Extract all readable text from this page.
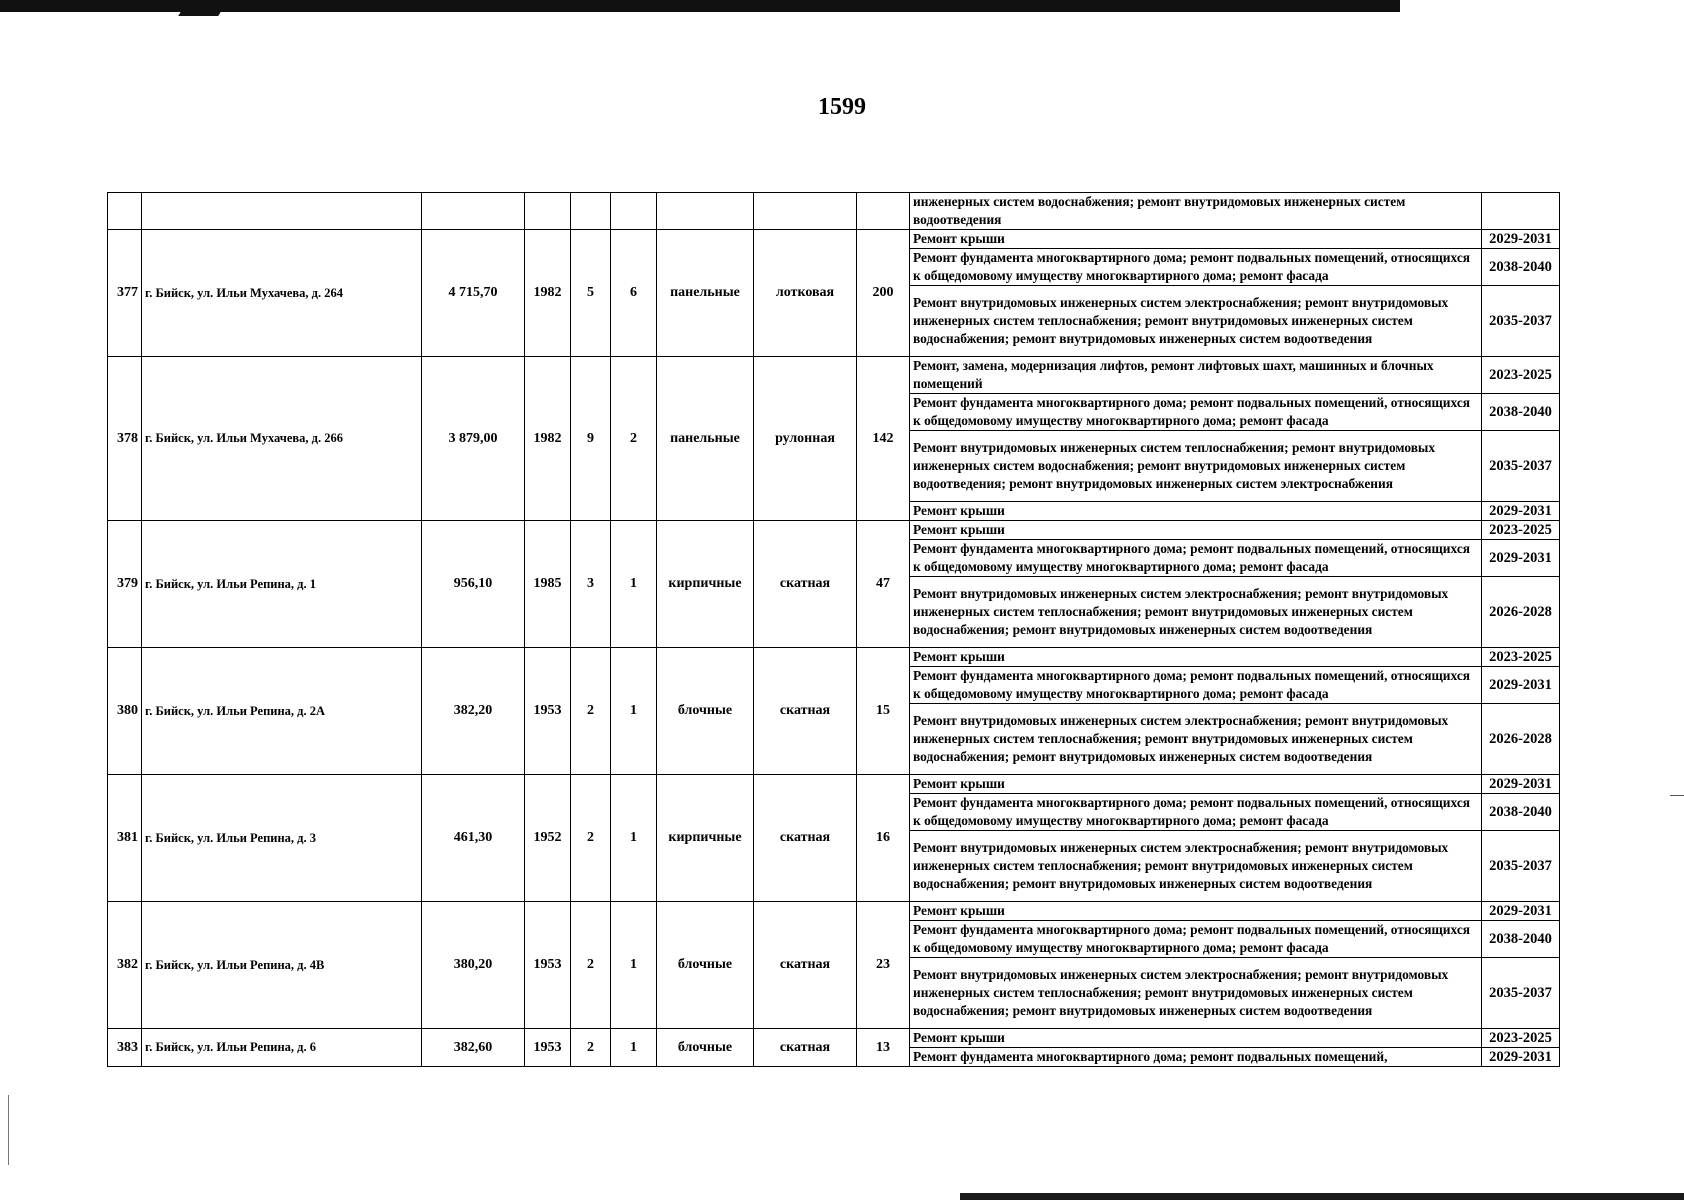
1599
									инженерных систем водоснабжения; ремонт внутридомовых инженерных систем водоотведения	
377	г. Бийск, ул. Ильи Мухачева, д. 264	4 715,70	1982	5	6	панельные	лотковая	200	Ремонт крыши	2029-2031
									Ремонт фундамента многоквартирного дома; ремонт подвальных помещений, относящихся к общедомовому имуществу многоквартирного дома; ремонт фасада	2038-2040
									Ремонт внутридомовых инженерных систем электроснабжения; ремонт внутридомовых инженерных систем теплоснабжения; ремонт внутридомовых инженерных систем водоснабжения; ремонт внутридомовых инженерных систем водоотведения	2035-2037
378	г. Бийск, ул. Ильи Мухачева, д. 266	3 879,00	1982	9	2	панельные	рулонная	142	Ремонт, замена, модернизация лифтов, ремонт лифтовых шахт, машинных и блочных помещений	2023-2025
									Ремонт фундамента многоквартирного дома; ремонт подвальных помещений, относящихся к общедомовому имуществу многоквартирного дома; ремонт фасада	2038-2040
									Ремонт внутридомовых инженерных систем теплоснабжения; ремонт внутридомовых инженерных систем водоснабжения; ремонт внутридомовых инженерных систем водоотведения; ремонт внутридомовых инженерных систем электроснабжения	2035-2037
									Ремонт крыши	2029-2031
379	г. Бийск, ул. Ильи Репина, д. 1	956,10	1985	3	1	кирпичные	скатная	47	Ремонт крыши	2023-2025
									Ремонт фундамента многоквартирного дома; ремонт подвальных помещений, относящихся к общедомовому имуществу многоквартирного дома; ремонт фасада	2029-2031
									Ремонт внутридомовых инженерных систем электроснабжения; ремонт внутридомовых инженерных систем теплоснабжения; ремонт внутридомовых инженерных систем водоснабжения; ремонт внутридомовых инженерных систем водоотведения	2026-2028
380	г. Бийск, ул. Ильи Репина, д. 2А	382,20	1953	2	1	блочные	скатная	15	Ремонт крыши	2023-2025
									Ремонт фундамента многоквартирного дома; ремонт подвальных помещений, относящихся к общедомовому имуществу многоквартирного дома; ремонт фасада	2029-2031
									Ремонт внутридомовых инженерных систем электроснабжения; ремонт внутридомовых инженерных систем теплоснабжения; ремонт внутридомовых инженерных систем водоснабжения; ремонт внутридомовых инженерных систем водоотведения	2026-2028
381	г. Бийск, ул. Ильи Репина, д. 3	461,30	1952	2	1	кирпичные	скатная	16	Ремонт крыши	2029-2031
									Ремонт фундамента многоквартирного дома; ремонт подвальных помещений, относящихся к общедомовому имуществу многоквартирного дома; ремонт фасада	2038-2040
									Ремонт внутридомовых инженерных систем электроснабжения; ремонт внутридомовых инженерных систем теплоснабжения; ремонт внутридомовых инженерных систем водоснабжения; ремонт внутридомовых инженерных систем водоотведения	2035-2037
382	г. Бийск, ул. Ильи Репина, д. 4В	380,20	1953	2	1	блочные	скатная	23	Ремонт крыши	2029-2031
									Ремонт фундамента многоквартирного дома; ремонт подвальных помещений, относящихся к общедомовому имуществу многоквартирного дома; ремонт фасада	2038-2040
									Ремонт внутридомовых инженерных систем электроснабжения; ремонт внутридомовых инженерных систем теплоснабжения; ремонт внутридомовых инженерных систем водоснабжения; ремонт внутридомовых инженерных систем водоотведения	2035-2037
383	г. Бийск, ул. Ильи Репина, д. 6	382,60	1953	2	1	блочные	скатная	13	Ремонт крыши	2023-2025
									Ремонт фундамента многоквартирного дома; ремонт подвальных помещений,	2029-2031
